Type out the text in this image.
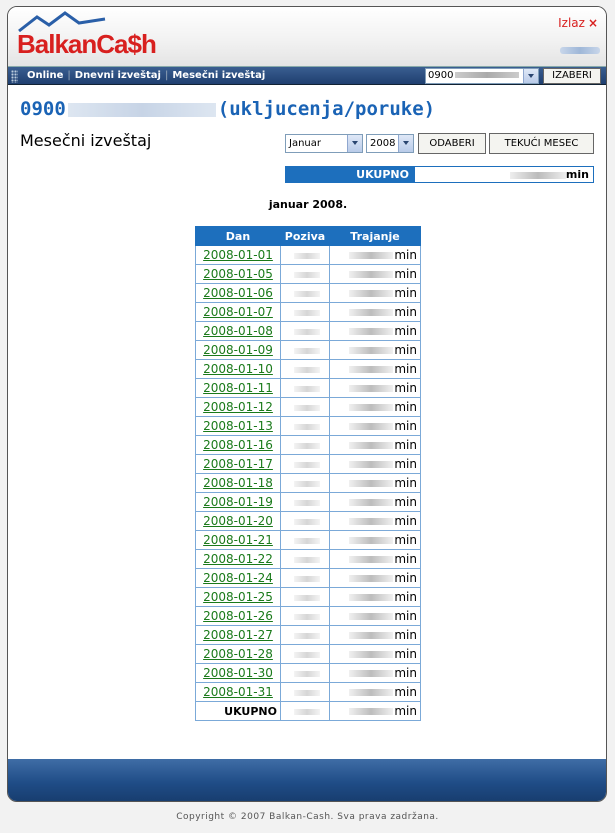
BalkanCa$h
Izlaz ×
Online | Dnevni izveštaj | Mesečni izveštaj	0900	IZABERI
0900	(ukljucenja/poruke)
Mesečni izveštaj	Januar	2008	ODABERI	TEKUĆI MESEC
UKUPNO	min
januar 2008.
Dan	Poziva	Trajanje
2008-01-01		min
2008-01-05		min
2008-01-06		min
2008-01-07		min
2008-01-08		min
2008-01-09		min
2008-01-10		min
2008-01-11		min
2008-01-12		min
2008-01-13		min
2008-01-16		min
2008-01-17		min
2008-01-18		min
2008-01-19		min
2008-01-20		min
2008-01-21		min
2008-01-22		min
2008-01-24		min
2008-01-25		min
2008-01-26		min
2008-01-27		min
2008-01-28		min
2008-01-30		min
2008-01-31		min
UKUPNO		min
Copyright © 2007 Balkan-Cash. Sva prava zadržana.
